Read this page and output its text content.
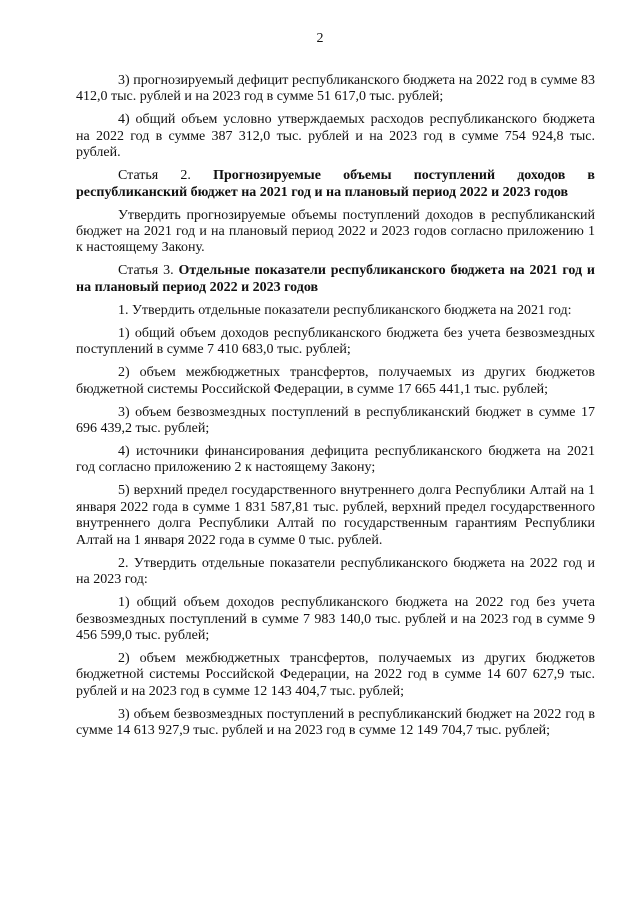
2

3) прогнозируемый дефицит республиканского бюджета на 2022 год в сумме 83 412,0 тыс. рублей и на 2023 год в сумме 51 617,0 тыс. рублей;

4) общий объем условно утверждаемых расходов республиканского бюджета на 2022 год в сумме 387 312,0 тыс. рублей и на 2023 год в сумме 754 924,8 тыс. рублей.

Статья 2. Прогнозируемые объемы поступлений доходов в республиканский бюджет на 2021 год и на плановый период 2022 и 2023 годов

Утвердить прогнозируемые объемы поступлений доходов в республиканский бюджет на 2021 год и на плановый период 2022 и 2023 годов согласно приложению 1 к настоящему Закону.

Статья 3. Отдельные показатели республиканского бюджета на 2021 год и на плановый период 2022 и 2023 годов

1. Утвердить отдельные показатели республиканского бюджета на 2021 год:

1) общий объем доходов республиканского бюджета без учета безвозмездных поступлений в сумме 7 410 683,0 тыс. рублей;

2) объем межбюджетных трансфертов, получаемых из других бюджетов бюджетной системы Российской Федерации, в сумме 17 665 441,1 тыс. рублей;

3) объем безвозмездных поступлений в республиканский бюджет в сумме 17 696 439,2 тыс. рублей;

4) источники финансирования дефицита республиканского бюджета на 2021 год согласно приложению 2 к настоящему Закону;

5) верхний предел государственного внутреннего долга Республики Алтай на 1 января 2022 года в сумме 1 831 587,81 тыс. рублей, верхний предел государственного внутреннего долга Республики Алтай по государственным гарантиям Республики Алтай на 1 января 2022 года в сумме 0 тыс. рублей.

2. Утвердить отдельные показатели республиканского бюджета на 2022 год и на 2023 год:

1) общий объем доходов республиканского бюджета на 2022 год без учета безвозмездных поступлений в сумме 7 983 140,0 тыс. рублей и на 2023 год в сумме 9 456 599,0 тыс. рублей;

2) объем межбюджетных трансфертов, получаемых из других бюджетов бюджетной системы Российской Федерации, на 2022 год в сумме 14 607 627,9 тыс. рублей и на 2023 год в сумме 12 143 404,7 тыс. рублей;

3) объем безвозмездных поступлений в республиканский бюджет на 2022 год в сумме 14 613 927,9 тыс. рублей и на 2023 год в сумме 12 149 704,7 тыс. рублей;
